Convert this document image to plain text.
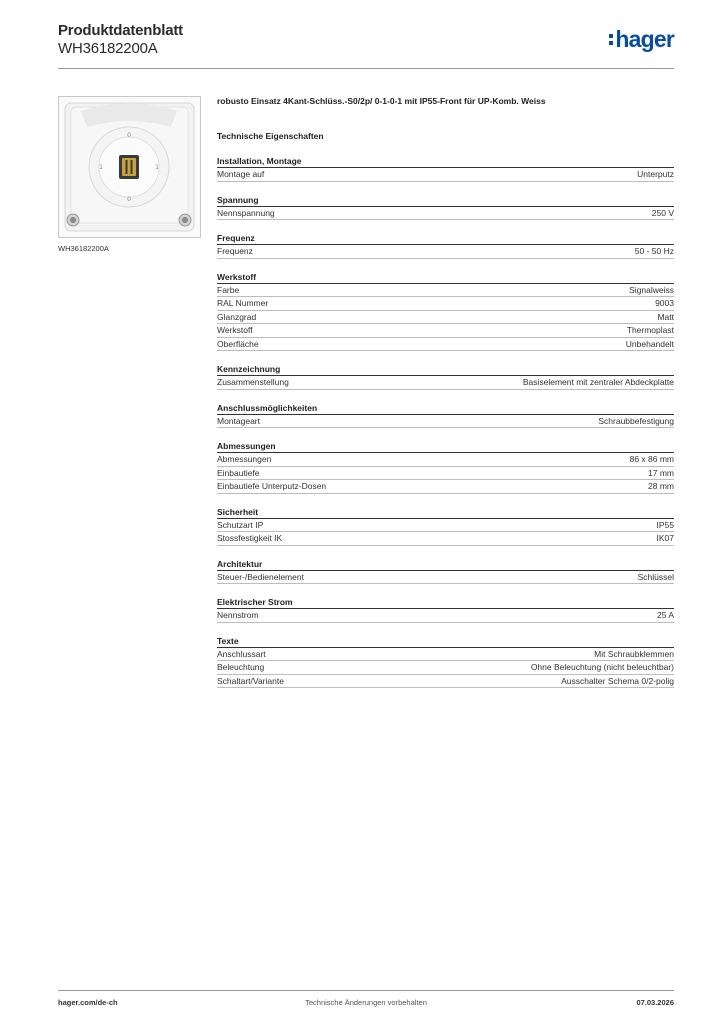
Produktdatenblatt
WH36182200A	hager
0
0
1	1
WH36182200A
robusto Einsatz 4Kant-Schlüss.-S0/2p/ 0-1-0-1 mit IP55-Front für UP-Komb. Weiss
Technische Eigenschaften
Installation, Montage
Montage auf	Unterputz
Spannung
Nennspannung	250 V
Frequenz
Frequenz	50 - 50 Hz
Werkstoff
Farbe	Signalweiss
RAL Nummer	9003
Glanzgrad	Matt
Werkstoff	Thermoplast
Oberfläche	Unbehandelt
Kennzeichnung
Zusammenstellung	Basiselement mit zentraler Abdeckplatte
Anschlussmöglichkeiten
Montageart	Schraubbefestigung
Abmessungen
Abmessungen	86 x 86 mm
Einbautiefe	17 mm
Einbautiefe Unterputz-Dosen	28 mm
Sicherheit
Schutzart IP	IP55
Stossfestigkeit IK	IK07
Architektur
Steuer-/Bedienelement	Schlüssel
Elektrischer Strom
Nennstrom	25 A
Texte
Anschlussart	Mit Schraubklemmen
Beleuchtung	Ohne Beleuchtung (nicht beleuchtbar)
Schaltart/Variante	Ausschalter Schema 0/2-polig
hager.com/de-ch	Technische Änderungen vorbehalten	07.03.2026
